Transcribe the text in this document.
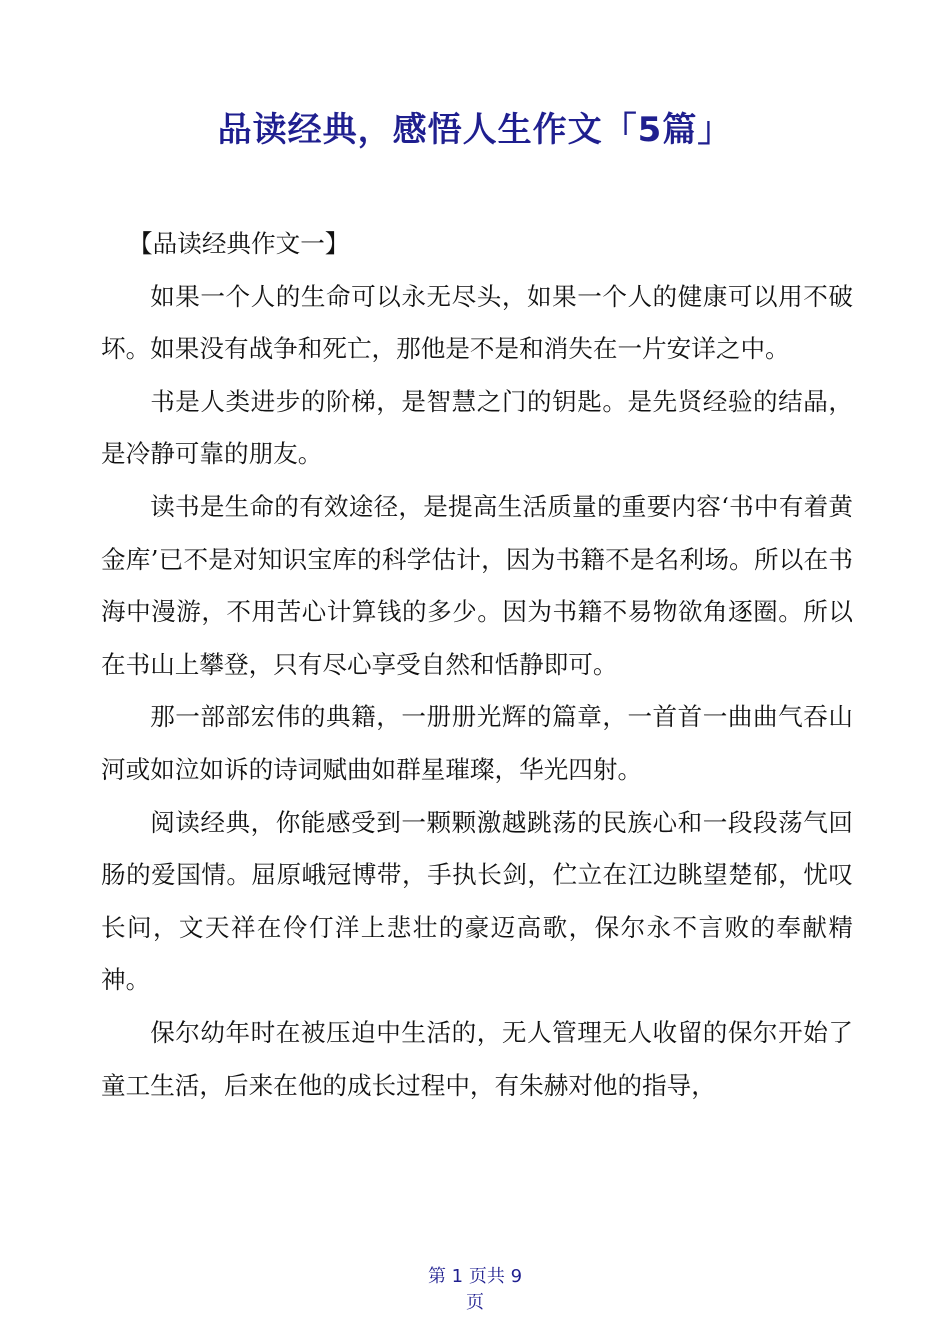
品读经典，感悟人生作文「5篇」

【品读经典作文一】

如果一个人的生命可以永无尽头，如果一个人的健康可以用不破坏。如果没有战争和死亡，那他是不是和消失在一片安详之中。

书是人类进步的阶梯，是智慧之门的钥匙。是先贤经验的结晶，是冷静可靠的朋友。

读书是生命的有效途径，是提高生活质量的重要内容‘书中有着黄金库’已不是对知识宝库的科学估计，因为书籍不是名利场。所以在书海中漫游，不用苦心计算钱的多少。因为书籍不易物欲角逐圈。所以在书山上攀登，只有尽心享受自然和恬静即可。

那一部部宏伟的典籍，一册册光辉的篇章，一首首一曲曲气吞山河或如泣如诉的诗词赋曲如群星璀璨，华光四射。

阅读经典，你能感受到一颗颗激越跳荡的民族心和一段段荡气回肠的爱国情。屈原峨冠博带，手执长剑，伫立在江边眺望楚郁，忧叹长问，文天祥在伶仃洋上悲壮的豪迈高歌，保尔永不言败的奉献精神。

保尔幼年时在被压迫中生活的，无人管理无人收留的保尔开始了童工生活，后来在他的成长过程中，有朱赫对他的指导，

第 1 页共 9
页
